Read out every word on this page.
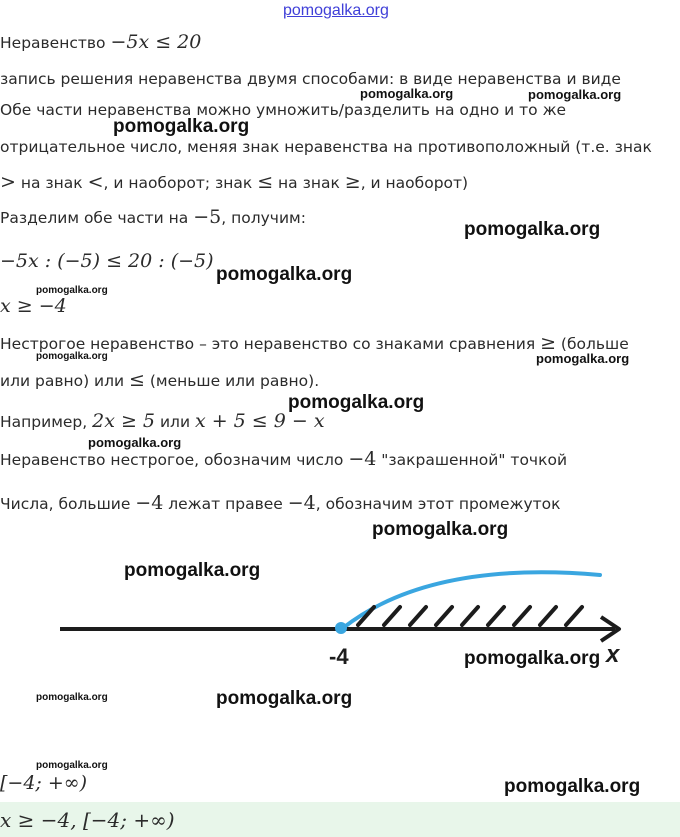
pomogalka.org
Неравенство −5x ≤ 20
запись решения неравенства двумя способами: в виде неравенства и виде
Обе части неравенства можно умножить/разделить на одно и то же
отрицательное число, меняя знак неравенства на противоположный (т.е. знак
> на знак <, и наоборот; знак ≤ на знак ≥, и наоборот)
Разделим обе части на −5, получим:
−5x : (−5) ≤ 20 : (−5)
x ≥ −4
Нестрогое неравенство – это неравенство со знаками сравнения ≥ (больше
или равно) или ≤ (меньше или равно).
Например, 2x ≥ 5 или x + 5 ≤ 9 − x
Неравенство нестрогое, обозначим число −4 "закрашенной" точкой
Числа, большие −4 лежат правее −4, обозначим этот промежуток
-4	x
[−4; +∞)
x ≥ −4, [−4; +∞)
pomogalka.org
pomogalka.org	pomogalka.org
pomogalka.org
pomogalka.org
pomogalka.org
pomogalka.org	pomogalka.org
pomogalka.org
pomogalka.org
pomogalka.org
pomogalka.org
pomogalka.org
pomogalka.org	pomogalka.org
pomogalka.org
pomogalka.org
